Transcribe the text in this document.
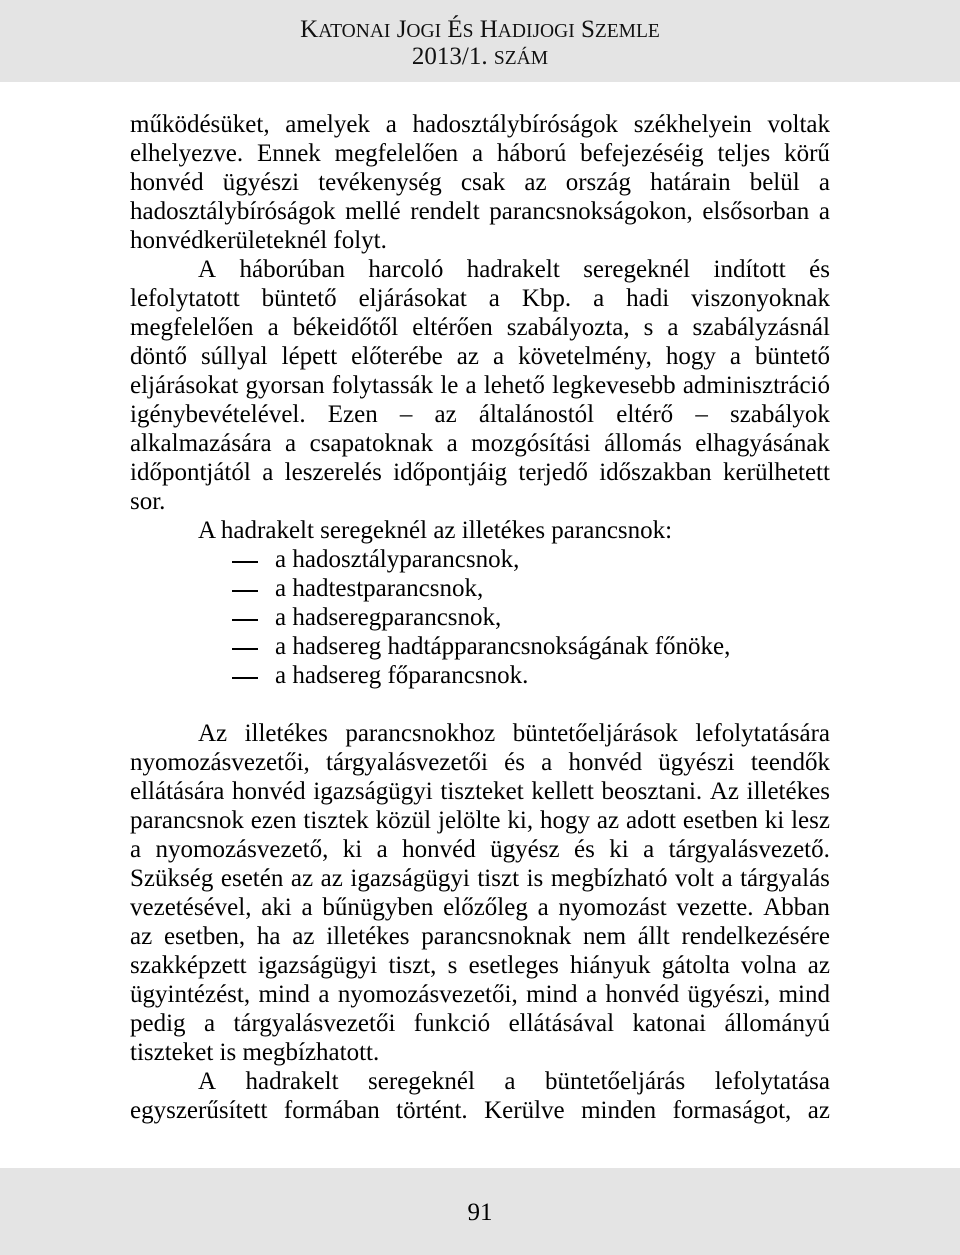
KATONAI JOGI ÉS HADIJOGI SZEMLE
2013/1. SZÁM
működésüket, amelyek a hadosztálybíróságok székhelyein voltak
elhelyezve. Ennek megfelelően a háború befejezéséig teljes körű
honvéd ügyészi tevékenység csak az ország határain belül a
hadosztálybíróságok mellé rendelt parancsnokságokon, elsősorban a
honvédkerületeknél folyt.
A háborúban harcoló hadrakelt seregeknél indított és
lefolytatott büntető eljárásokat a Kbp. a hadi viszonyoknak
megfelelően a békeidőtől eltérően szabályozta, s a szabályzásnál
döntő súllyal lépett előterébe az a követelmény, hogy a büntető
eljárásokat gyorsan folytassák le a lehető legkevesebb adminisztráció
igénybevételével. Ezen – az általánostól eltérő – szabályok
alkalmazására a csapatoknak a mozgósítási állomás elhagyásának
időpontjától a leszerelés időpontjáig terjedő időszakban kerülhetett
sor.
A hadrakelt seregeknél az illetékes parancsnok:
a hadosztályparancsnok,
a hadtestparancsnok,
a hadseregparancsnok,
a hadsereg hadtápparancsnokságának főnöke,
a hadsereg főparancsnok.
Az illetékes parancsnokhoz büntetőeljárások lefolytatására
nyomozásvezetői, tárgyalásvezetői és a honvéd ügyészi teendők
ellátására honvéd igazságügyi tiszteket kellett beosztani. Az illetékes
parancsnok ezen tisztek közül jelölte ki, hogy az adott esetben ki lesz
a nyomozásvezető, ki a honvéd ügyész és ki a tárgyalásvezető.
Szükség esetén az az igazságügyi tiszt is megbízható volt a tárgyalás
vezetésével, aki a bűnügyben előzőleg a nyomozást vezette. Abban
az esetben, ha az illetékes parancsnoknak nem állt rendelkezésére
szakképzett igazságügyi tiszt, s esetleges hiányuk gátolta volna az
ügyintézést, mind a nyomozásvezetői, mind a honvéd ügyészi, mind
pedig a tárgyalásvezetői funkció ellátásával katonai állományú
tiszteket is megbízhatott.
A hadrakelt seregeknél a büntetőeljárás lefolytatása
egyszerűsített formában történt. Kerülve minden formaságot, az
91
